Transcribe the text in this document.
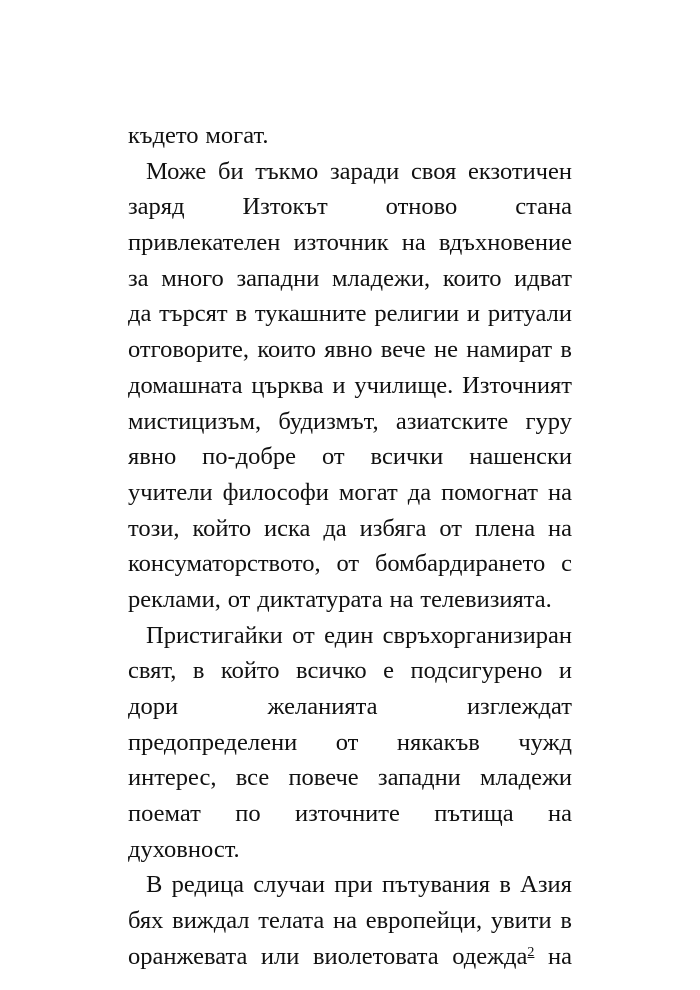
където могат.
Може би тъкмо заради своя екзотичен
заряд Изтокът отново стана
привлекателен източник на вдъхновение
за много западни младежи, които идват
да търсят в тукашните религии и ритуали
отговорите, които явно вече не намират в
домашната църква и училище. Източният
мистицизъм, будизмът, азиатските гуру
явно по-добре от всички нашенски
учители философи могат да помогнат на
този, който иска да избяга от плена на
консуматорството, от бомбардирането с
реклами, от диктатурата на телевизията.
Пристигайки от един свръхорганизиран
свят, в който всичко е подсигурено и
дори	желанията	изглеждат
предопределени от някакъв чужд
интерес, все повече западни младежи
поемат по източните пътища на
духовност.
В редица случаи при пътувания в Азия
бях виждал телата на европейци, увити в
оранжевата или виолетовата одежда$^2$ на
